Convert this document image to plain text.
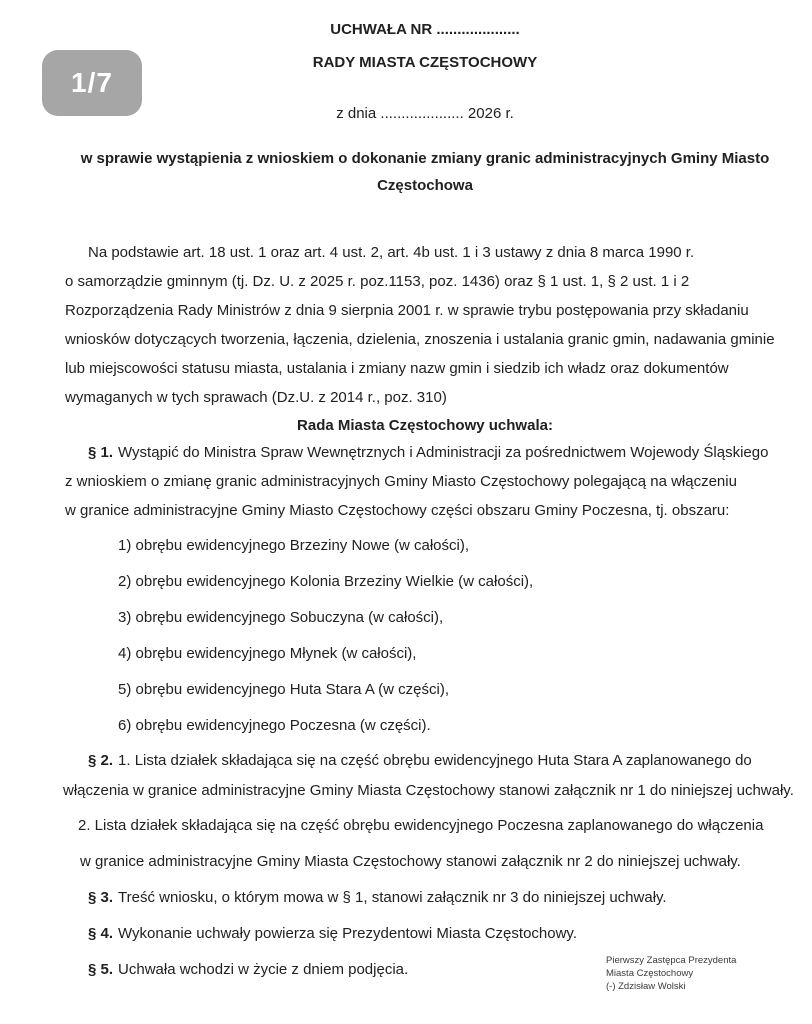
1/7
UCHWAŁA NR ....................
RADY MIASTA CZĘSTOCHOWY
z dnia .................... 2026 r.
w sprawie wystąpienia z wnioskiem o dokonanie zmiany granic administracyjnych Gminy Miasto
Częstochowa
Na podstawie art. 18 ust. 1 oraz art. 4 ust. 2, art. 4b ust. 1 i 3 ustawy z dnia 8 marca 1990 r.
o samorządzie gminnym (tj. Dz. U. z 2025 r. poz.1153, poz. 1436) oraz § 1 ust. 1, § 2 ust. 1 i 2
Rozporządzenia Rady Ministrów z dnia 9 sierpnia 2001 r. w sprawie trybu postępowania przy składaniu
wniosków dotyczących tworzenia, łączenia, dzielenia, znoszenia i ustalania granic gmin, nadawania gminie
lub miejscowości statusu miasta, ustalania i zmiany nazw gmin i siedzib ich władz oraz dokumentów
wymaganych w tych sprawach (Dz.U. z 2014 r., poz. 310)
Rada Miasta Częstochowy uchwala:
§ 1. Wystąpić do Ministra Spraw Wewnętrznych i Administracji za pośrednictwem Wojewody Śląskiego
z wnioskiem o zmianę granic administracyjnych Gminy Miasto Częstochowy polegającą na włączeniu
w granice administracyjne Gminy Miasto Częstochowy części obszaru Gminy Poczesna, tj. obszaru:
1) obrębu ewidencyjnego Brzeziny Nowe (w całości),
2) obrębu ewidencyjnego Kolonia Brzeziny Wielkie (w całości),
3) obrębu ewidencyjnego Sobuczyna (w całości),
4) obrębu ewidencyjnego Młynek (w całości),
5) obrębu ewidencyjnego Huta Stara A (w części),
6) obrębu ewidencyjnego Poczesna (w części).
§ 2. 1. Lista działek składająca się na część obrębu ewidencyjnego Huta Stara A zaplanowanego do
włączenia w granice administracyjne Gminy Miasta Częstochowy stanowi załącznik nr 1 do niniejszej uchwały.
2. Lista działek składająca się na część obrębu ewidencyjnego Poczesna zaplanowanego do włączenia
w granice administracyjne Gminy Miasta Częstochowy stanowi załącznik nr 2 do niniejszej uchwały.
§ 3. Treść wniosku, o którym mowa w § 1, stanowi załącznik nr 3 do niniejszej uchwały.
§ 4. Wykonanie uchwały powierza się Prezydentowi Miasta Częstochowy.
§ 5. Uchwała wchodzi w życie z dniem podjęcia.
Pierwszy Zastępca Prezydenta
Miasta Częstochowy
(-) Zdzisław Wolski
